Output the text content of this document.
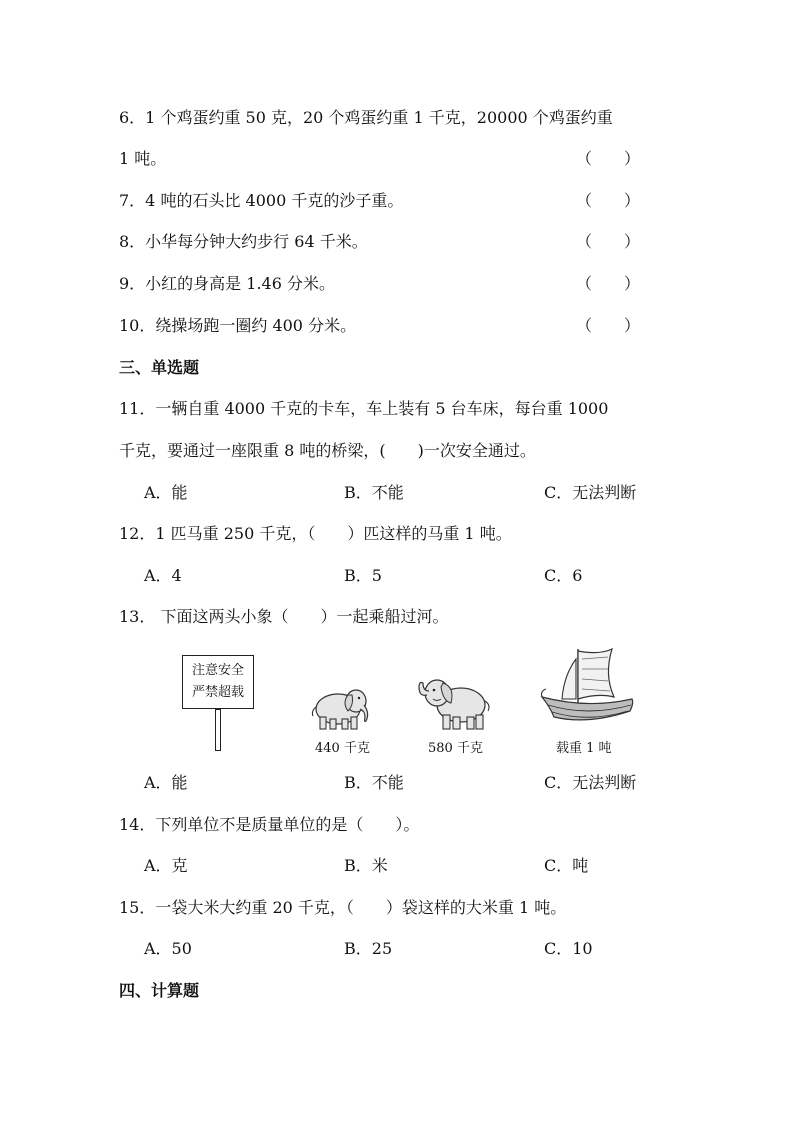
6．1 个鸡蛋约重 50 克，20 个鸡蛋约重 1 千克，20000 个鸡蛋约重
1 吨。	（　　）
7．4 吨的石头比 4000 千克的沙子重。	（　　）
8．小华每分钟大约步行 64 千米。	（　　）
9．小红的身高是 1.46 分米。	（　　）
10．绕操场跑一圈约 400 分米。	（　　）
三、单选题
11．一辆自重 4000 千克的卡车，车上装有 5 台车床，每台重 1000
千克，要通过一座限重 8 吨的桥梁，(　　)一次安全通过。
A．能	B．不能	C．无法判断
12．1 匹马重 250 千克，（　　）匹这样的马重 1 吨。
A．4	B．5	C．6
13． 下面这两头小象（　　）一起乘船过河。
注意安全
严禁超载
440 千克	580 千克	载重 1 吨
A．能	B．不能	C．无法判断
14．下列单位不是质量单位的是（　　）。
A．克	B．米	C．吨
15．一袋大米大约重 20 千克，（　　）袋这样的大米重 1 吨。
A．50	B．25	C．10
四、计算题
